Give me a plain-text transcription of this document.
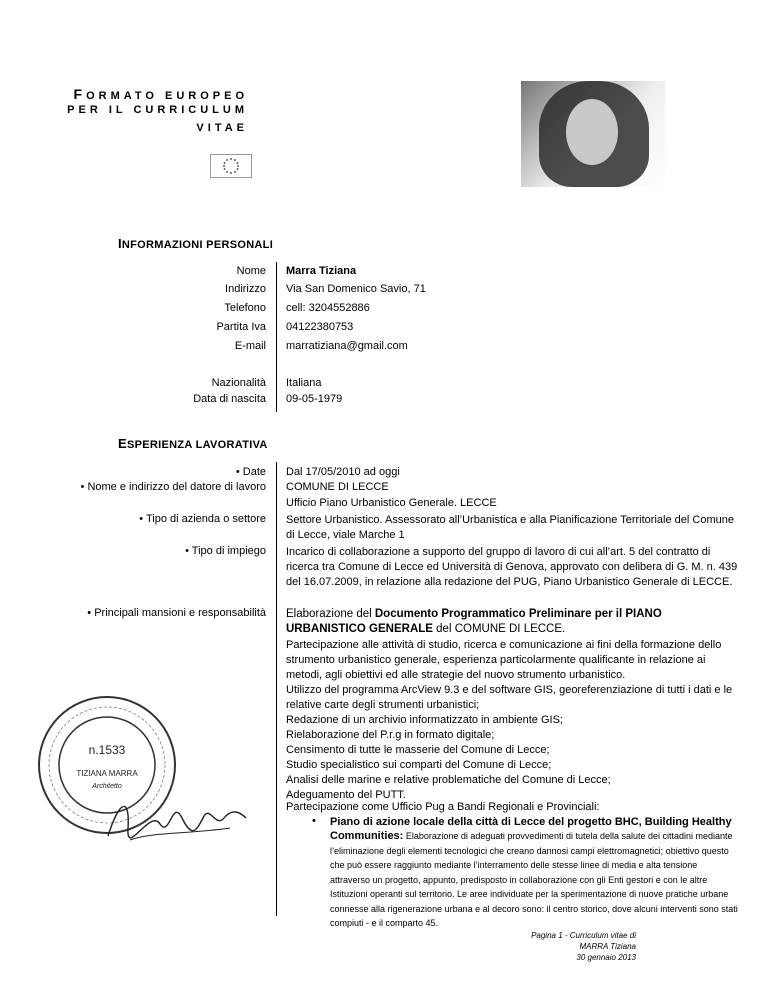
FORMATO EUROPEO
PER IL CURRICULUM
VITAE
INFORMAZIONI PERSONALI
Nome Marra Tiziana
Indirizzo Via San Domenico Savio, 71
Telefono cell: 3204552886
Partita Iva 04122380753
E-mail marratiziana@gmail.com
Nazionalità Italiana
Data di nascita 09-05-1979
ESPERIENZA LAVORATIVA
• Date Dal 17/05/2010 ad oggi
• Nome e indirizzo del datore di lavoro COMUNE DI LECCE
Ufficio Piano Urbanistico Generale. LECCE
• Tipo di azienda o settore Settore Urbanistico. Assessorato all’Urbanistica e alla Pianificazione Territoriale del Comune di Lecce, viale Marche 1
• Tipo di impiego Incarico di collaborazione a supporto del gruppo di lavoro di cui all’art. 5 del contratto di ricerca tra Comune di Lecce ed Università di Genova, approvato con delibera di G. M. n. 439 del 16.07.2009, in relazione alla redazione del PUG, Piano Urbanistico Generale di LECCE.
• Principali mansioni e responsabilità Elaborazione del Documento Programmatico Preliminare per il PIANO URBANISTICO GENERALE del COMUNE DI LECCE.
Partecipazione alle attività di studio, ricerca e comunicazione ai fini della formazione dello strumento urbanistico generale, esperienza particolarmente qualificante in relazione ai metodi, agli obiettivi ed alle strategie del nuovo strumento urbanistico.
Utilizzo del programma ArcView 9.3 e del software GIS, georeferenziazione di tutti i dati e le relative carte degli strumenti urbanistici;
Redazione di un archivio informatizzato in ambiente GIS;
Rielaborazione del P.r.g in formato digitale;
Censimento di tutte le masserie del Comune di Lecce;
Studio specialistico sui comparti del Comune di Lecce;
Analisi delle marine e relative problematiche del Comune di Lecce;
Adeguamento del PUTT.
Partecipazione come Ufficio Pug a Bandi Regionali e Provinciali:
• Piano di azione locale della città di Lecce del progetto BHC, Building Healthy Communities: Elaborazione di adeguati provvedimenti di tutela della salute dei cittadini mediante l’eliminazione degli elementi tecnologici che creano dannosi campi elettromagnetici; obiettivo questo che può essere raggiunto mediante l’interramento delle stesse linee di media e alta tensione attraverso un progetto, appunto, predisposto in collaborazione con gli Enti gestori e con le altre Istituzioni operanti sul territorio. Le aree individuate per la sperimentazione di nuove pratiche urbane connesse alla rigenerazione urbana e al decoro sono: il centro storico, dove alcuni interventi sono stati compiuti - e il comparto 45.
n.1533
TIZIANA MARRA
Architetto
Pagina 1 - Curriculum vitae di
MARRA Tiziana
30 gennaio 2013
